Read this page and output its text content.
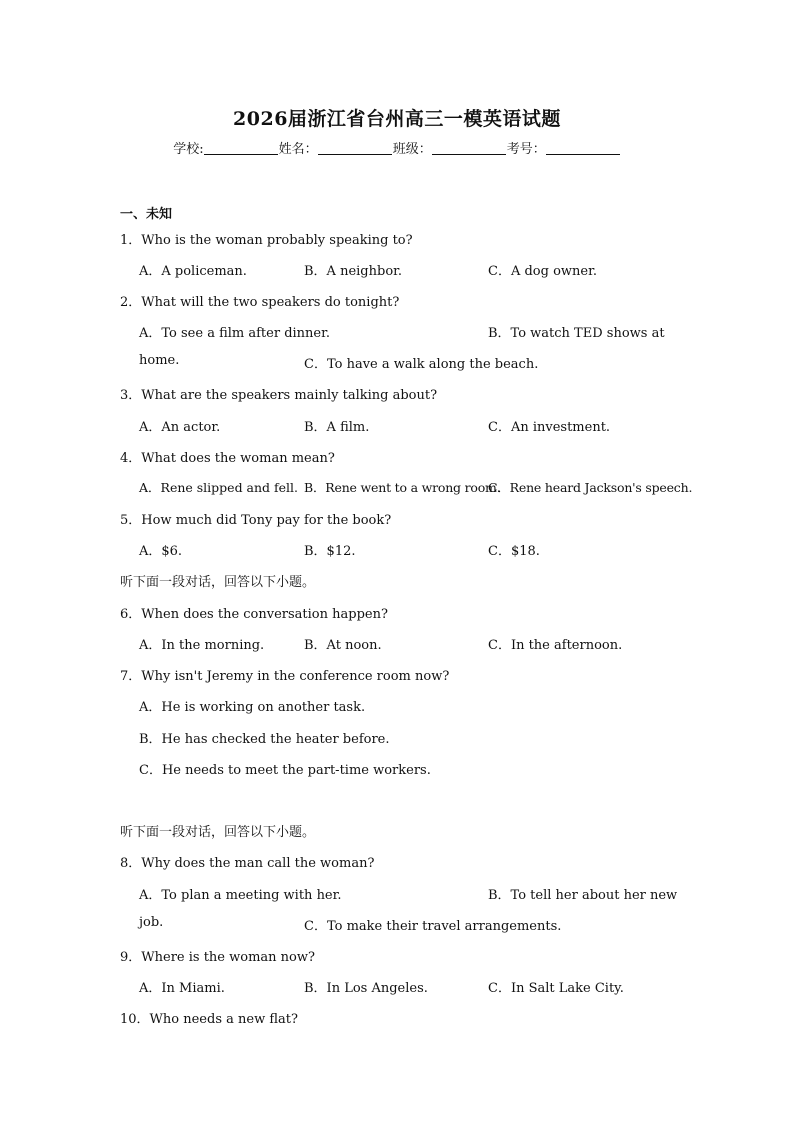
2026届浙江省台州高三一模英语试题
学校:	姓名：	班级：	考号：
一、未知
1．Who is the woman probably speaking to?
A．A policeman.	B．A neighbor.	C．A dog owner.
2．What will the two speakers do tonight?
A．To see a film after dinner.	B．To watch TED shows at
home.	C．To have a walk along the beach.
3．What are the speakers mainly talking about?
A．An actor.	B．A film.	C．An investment.
4．What does the woman mean?
A．Rene slipped and fell. B．Rene went to a wrong room.
C．Rene heard Jackson's speech.
5．How much did Tony pay for the book?
A．$6.	B．$12.	C．$18.
听下面一段对话，回答以下小题。
6．When does the conversation happen?
A．In the morning.	B．At noon.	C．In the afternoon.
7．Why isn't Jeremy in the conference room now?
A．He is working on another task.
B．He has checked the heater before.
C．He needs to meet the part-time workers.
听下面一段对话，回答以下小题。
8．Why does the man call the woman?
A．To plan a meeting with her.	B．To tell her about her new
job.	C．To make their travel arrangements.
9．Where is the woman now?
A．In Miami.	B．In Los Angeles.	C．In Salt Lake City.
10．Who needs a new flat?
